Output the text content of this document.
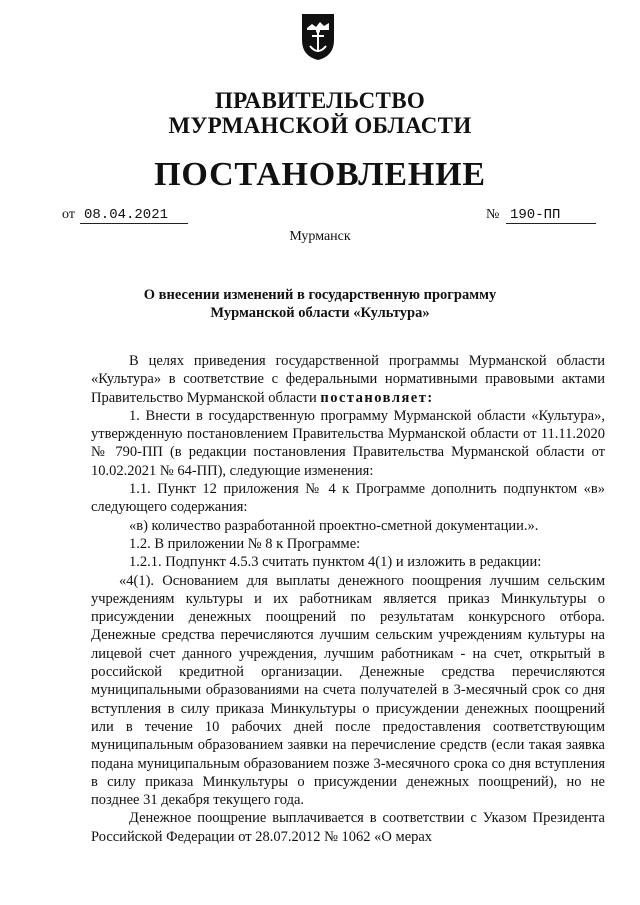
ПРАВИТЕЛЬСТВО
МУРМАНСКОЙ ОБЛАСТИ
ПОСТАНОВЛЕНИЕ
от 08.04.2021	№ 190-ПП
Мурманск
О внесении изменений в государственную программу
Мурманской области «Культура»

В целях приведения государственной программы Мурманской области «Культура» в соответствие с федеральными нормативными правовыми актами Правительство Мурманской области постановляет:

1. Внести в государственную программу Мурманской области «Культура», утвержденную постановлением Правительства Мурманской области от 11.11.2020 № 790-ПП (в редакции постановления Правительства Мурманской области от 10.02.2021 № 64-ПП), следующие изменения:

1.1. Пункт 12 приложения № 4 к Программе дополнить подпунктом «в» следующего содержания:

«в) количество разработанной проектно-сметной документации.».

1.2. В приложении № 8 к Программе:

1.2.1. Подпункт 4.5.3 считать пунктом 4(1) и изложить в редакции:

«4(1). Основанием для выплаты денежного поощрения лучшим сельским учреждениям культуры и их работникам является приказ Минкультуры о присуждении денежных поощрений по результатам конкурсного отбора. Денежные средства перечисляются лучшим сельским учреждениям культуры на лицевой счет данного учреждения, лучшим работникам - на счет, открытый в российской кредитной организации. Денежные средства перечисляются муниципальными образованиями на счета получателей в 3-месячный срок со дня вступления в силу приказа Минкультуры о присуждении денежных поощрений или в течение 10 рабочих дней после предоставления соответствующим муниципальным образованием заявки на перечисление средств (если такая заявка подана муниципальным образованием позже 3-месячного срока со дня вступления в силу приказа Минкультуры о присуждении денежных поощрений), но не позднее 31 декабря текущего года.

Денежное поощрение выплачивается в соответствии с Указом Президента Российской Федерации от 28.07.2012 № 1062 «О мерах
